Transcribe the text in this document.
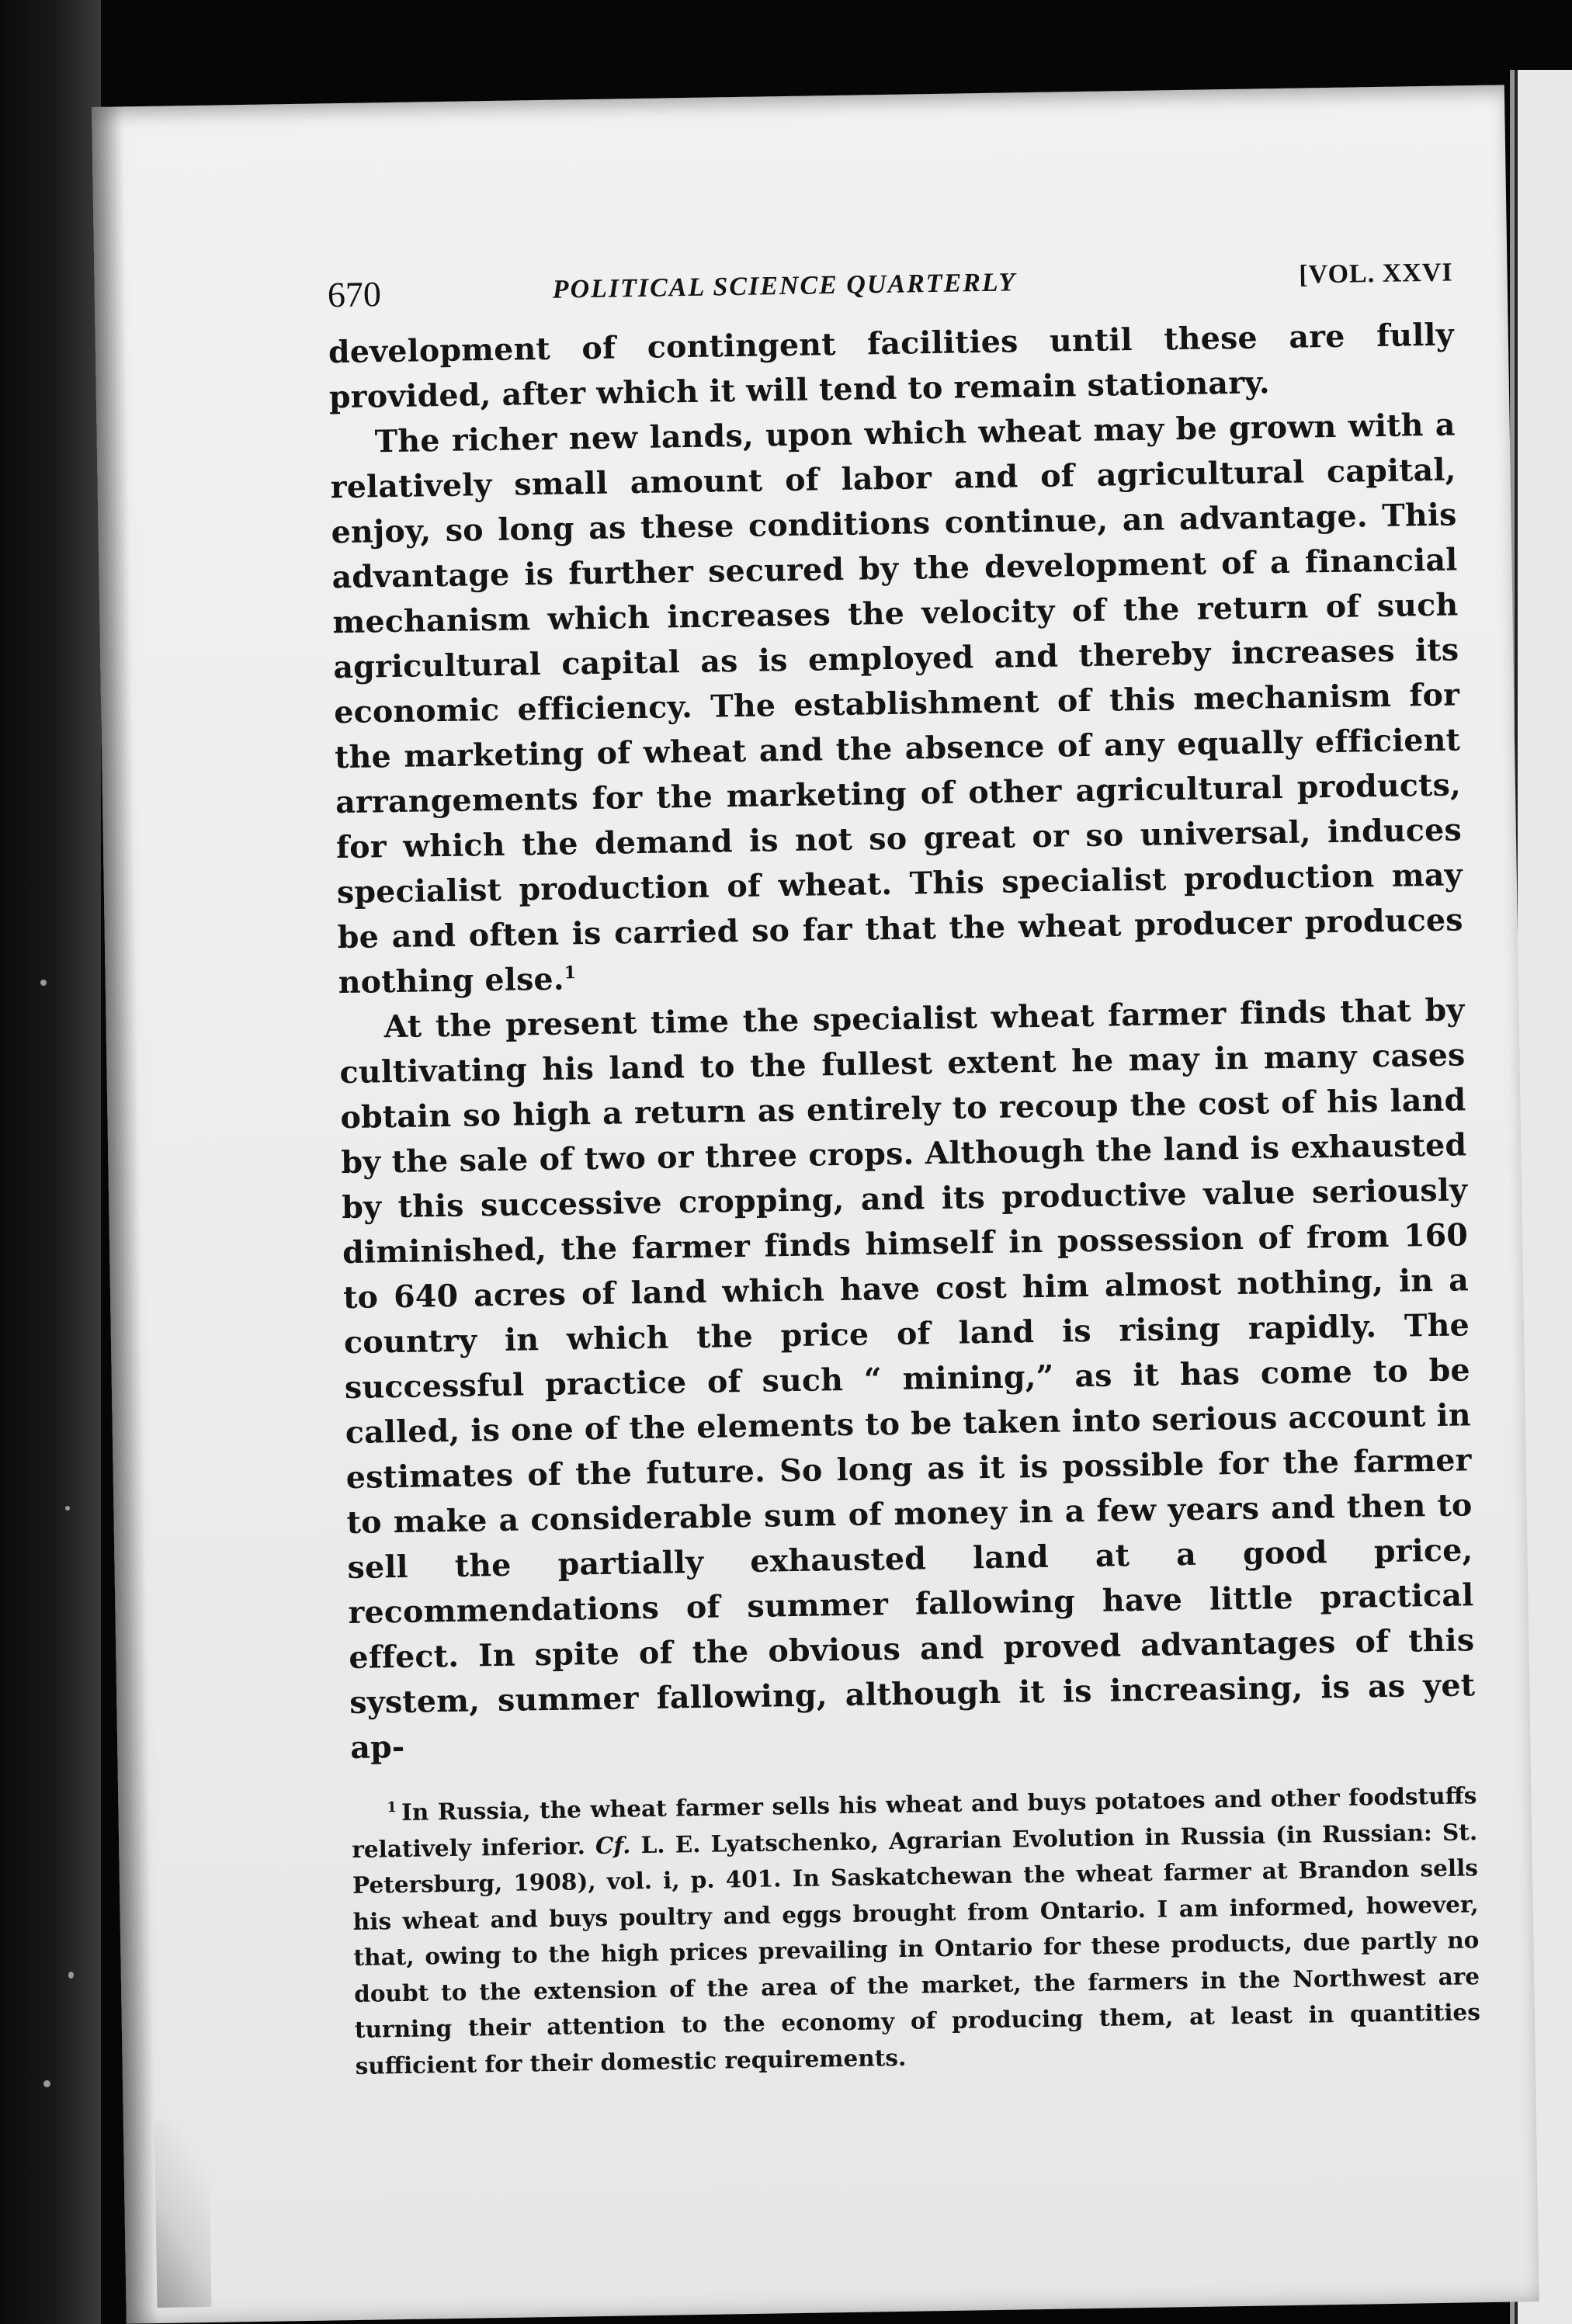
670	POLITICAL SCIENCE QUARTERLY	[VOL. XXVI

development of contingent facilities until these are fully provided, after which it will tend to remain stationary.

The richer new lands, upon which wheat may be grown with a relatively small amount of labor and of agricultural capital, enjoy, so long as these conditions continue, an advantage. This advantage is further secured by the development of a financial mechanism which increases the velocity of the return of such agricultural capital as is employed and thereby increases its economic efficiency. The establishment of this mechanism for the marketing of wheat and the absence of any equally efficient arrangements for the marketing of other agricultural products, for which the demand is not so great or so universal, induces specialist production of wheat. This specialist production may be and often is carried so far that the wheat producer produces nothing else.$^1$

At the present time the specialist wheat farmer finds that by cultivating his land to the fullest extent he may in many cases obtain so high a return as entirely to recoup the cost of his land by the sale of two or three crops. Although the land is exhausted by this successive cropping, and its productive value seriously diminished, the farmer finds himself in possession of from 160 to 640 acres of land which have cost him almost nothing, in a country in which the price of land is rising rapidly. The successful practice of such “ mining,” as it has come to be called, is one of the elements to be taken into serious account in estimates of the future. So long as it is possible for the farmer to make a considerable sum of money in a few years and then to sell the partially exhausted land at a good price, recommendations of summer fallowing have little practical effect. In spite of the obvious and proved advantages of this system, summer fallowing, although it is increasing, is as yet ap-

$^1$ In Russia, the wheat farmer sells his wheat and buys potatoes and other foodstuffs relatively inferior. Cf. L. E. Lyatschenko, Agrarian Evolution in Russia (in Russian: St. Petersburg, 1908), vol. i, p. 401. In Saskatchewan the wheat farmer at Brandon sells his wheat and buys poultry and eggs brought from Ontario. I am informed, however, that, owing to the high prices prevailing in Ontario for these products, due partly no doubt to the extension of the area of the market, the farmers in the Northwest are turning their attention to the economy of producing them, at least in quantities sufficient for their domestic requirements.
